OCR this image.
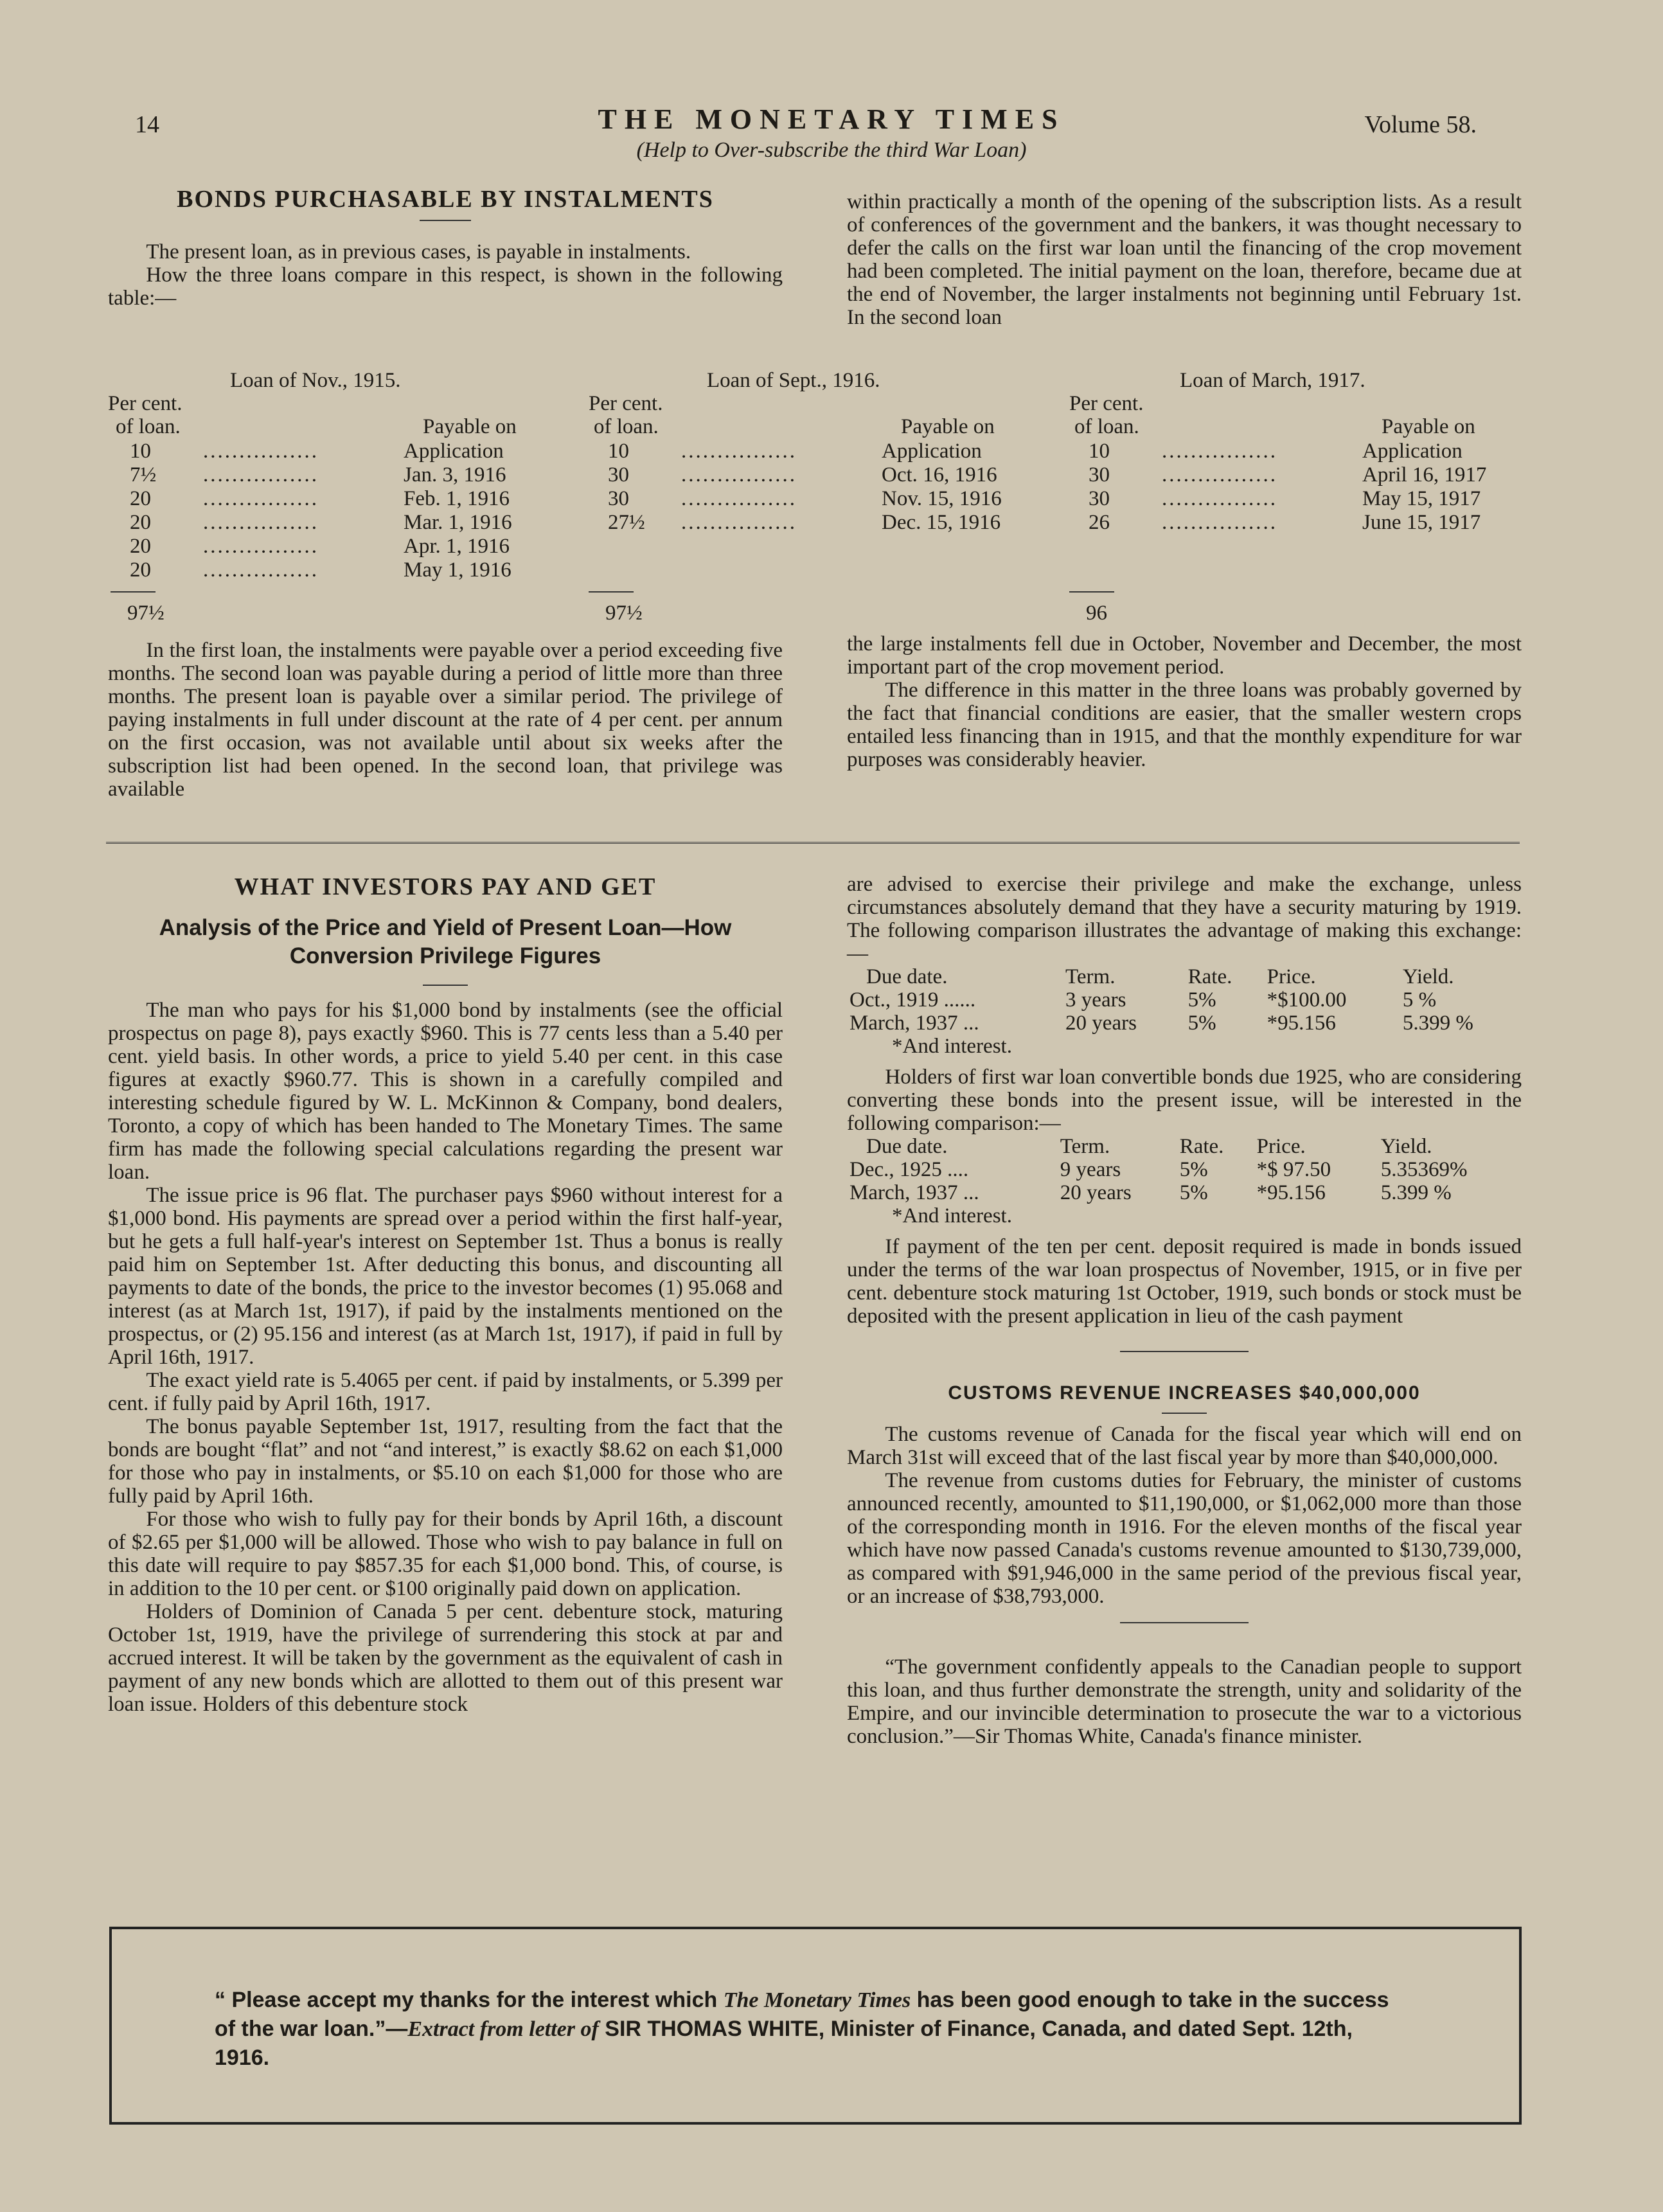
14	THE MONETARY TIMES
(Help to Over-subscribe the third War Loan)
Volume 58.
BONDS PURCHASABLE BY INSTALMENTS

The present loan, as in previous cases, is payable in instalments.

How the three loans compare in this respect, is shown in the following table:—

within practically a month of the opening of the subscription lists. As a result of conferences of the government and the bankers, it was thought necessary to defer the calls on the first war loan until the financing of the crop movement had been completed. The initial payment on the loan, therefore, became due at the end of November, the larger instalments not beginning until February 1st. In the second loan

Loan of Nov., 1915.
Per cent.
of loan.	Payable on
10 ................	Application
7½ ................	Jan. 3, 1916
20 ................	Feb. 1, 1916
20 ................	Mar. 1, 1916
20 ................	Apr. 1, 1916
20 ................	May 1, 1916
97½
Loan of Sept., 1916.
Per cent.
of loan.	Payable on
10 ................	Application
30 ................	Oct. 16, 1916
30 ................	Nov. 15, 1916
27½ ................	Dec. 15, 1916
97½
Loan of March, 1917.
Per cent.
of loan.	Payable on
10 ................	Application
30 ................	April 16, 1917
30 ................	May 15, 1917
26 ................	June 15, 1917
96

In the first loan, the instalments were payable over a period exceeding five months. The second loan was payable during a period of little more than three months. The present loan is payable over a similar period. The privilege of paying instalments in full under discount at the rate of 4 per cent. per annum on the first occasion, was not available until about six weeks after the subscription list had been opened. In the second loan, that privilege was available

the large instalments fell due in October, November and December, the most important part of the crop movement period.

The difference in this matter in the three loans was probably governed by the fact that financial conditions are easier, that the smaller western crops entailed less financing than in 1915, and that the monthly expenditure for war purposes was considerably heavier.

WHAT INVESTORS PAY AND GET
Analysis of the Price and Yield of Present Loan—How Conversion Privilege Figures

The man who pays for his $1,000 bond by instalments (see the official prospectus on page 8), pays exactly $960. This is 77 cents less than a 5.40 per cent. yield basis. In other words, a price to yield 5.40 per cent. in this case figures at exactly $960.77. This is shown in a carefully compiled and interesting schedule figured by W. L. McKinnon & Company, bond dealers, Toronto, a copy of which has been handed to The Monetary Times. The same firm has made the following special calculations regarding the present war loan.

The issue price is 96 flat. The purchaser pays $960 without interest for a $1,000 bond. His payments are spread over a period within the first half-year, but he gets a full half-year's interest on September 1st. Thus a bonus is really paid him on September 1st. After deducting this bonus, and discounting all payments to date of the bonds, the price to the investor becomes (1) 95.068 and interest (as at March 1st, 1917), if paid by the instalments mentioned on the prospectus, or (2) 95.156 and interest (as at March 1st, 1917), if paid in full by April 16th, 1917.

The exact yield rate is 5.4065 per cent. if paid by instalments, or 5.399 per cent. if fully paid by April 16th, 1917.

The bonus payable September 1st, 1917, resulting from the fact that the bonds are bought “flat” and not “and interest,” is exactly $8.62 on each $1,000 for those who pay in instalments, or $5.10 on each $1,000 for those who are fully paid by April 16th.

For those who wish to fully pay for their bonds by April 16th, a discount of $2.65 per $1,000 will be allowed. Those who wish to pay balance in full on this date will require to pay $857.35 for each $1,000 bond. This, of course, is in addition to the 10 per cent. or $100 originally paid down on application.

Holders of Dominion of Canada 5 per cent. debenture stock, maturing October 1st, 1919, have the privilege of surrendering this stock at par and accrued interest. It will be taken by the government as the equivalent of cash in payment of any new bonds which are allotted to them out of this present war loan issue. Holders of this debenture stock

are advised to exercise their privilege and make the exchange, unless circumstances absolutely demand that they have a security maturing by 1919. The following comparison illustrates the advantage of making this exchange:—

Due date.	Term.	Rate.	Price.	Yield.
Oct., 1919 ......	3 years	5%	*$100.00	5 %
March, 1937 ...	20 years	5%	*95.156	5.399 %
*And interest.

Holders of first war loan convertible bonds due 1925, who are considering converting these bonds into the present issue, will be interested in the following comparison:—

Due date.	Term.	Rate.	Price.	Yield.
Dec., 1925 ....	9 years	5%	*$ 97.50	5.35369%
March, 1937 ...	20 years	5%	*95.156	5.399 %
*And interest.

If payment of the ten per cent. deposit required is made in bonds issued under the terms of the war loan prospectus of November, 1915, or in five per cent. debenture stock maturing 1st October, 1919, such bonds or stock must be deposited with the present application in lieu of the cash payment

CUSTOMS REVENUE INCREASES $40,000,000

The customs revenue of Canada for the fiscal year which will end on March 31st will exceed that of the last fiscal year by more than $40,000,000.

The revenue from customs duties for February, the minister of customs announced recently, amounted to $11,190,000, or $1,062,000 more than those of the corresponding month in 1916. For the eleven months of the fiscal year which have now passed Canada's customs revenue amounted to $130,739,000, as compared with $91,946,000 in the same period of the previous fiscal year, or an increase of $38,793,000.

“The government confidently appeals to the Canadian people to support this loan, and thus further demonstrate the strength, unity and solidarity of the Empire, and our invincible determination to prosecute the war to a victorious conclusion.”—Sir Thomas White, Canada's finance minister.

“ Please accept my thanks for the interest which The Monetary Times has been good enough to take in the success of the war loan.”—Extract from letter of SIR THOMAS WHITE, Minister of Finance, Canada, and dated Sept. 12th, 1916.
